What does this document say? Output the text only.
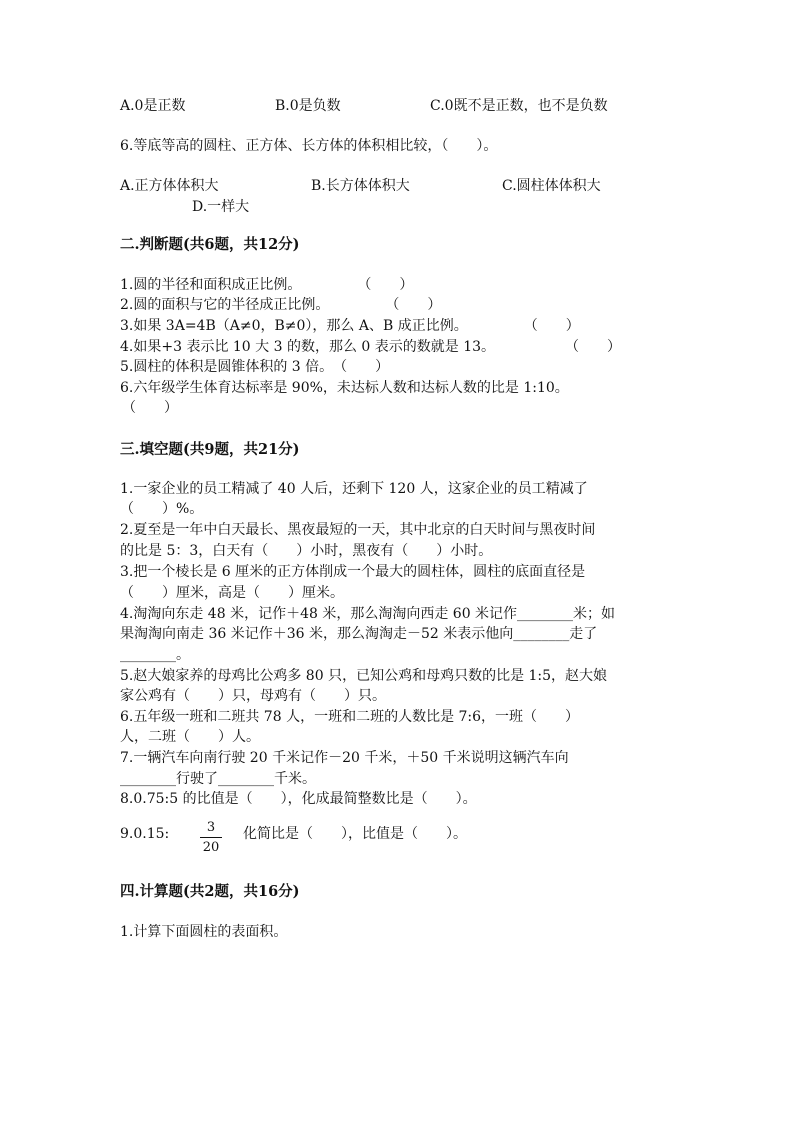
A.0是正数	B.0是负数	C.0既不是正数，也不是负数
6.等底等高的圆柱、正方体、长方体的体积相比较，（　　）。
A.正方体体积大	B.长方体体积大	C.圆柱体体积大
D.一样大
二.判断题(共6题，共12分)
1.圆的半径和面积成正比例。　　　　　（　　）
2.圆的面积与它的半径成正比例。　　　　　（　　）
3.如果 3A=4B（A≠0，B≠0），那么 A、B 成正比例。　　　　　（　　）
4.如果+3 表示比 10 大 3 的数，那么 0 表示的数就是 13。　　　　　　（　　）
5.圆柱的体积是圆锥体积的 3 倍。　（　　）
6.六年级学生体育达标率是 90%，未达标人数和达标人数的比是 1:10。
（　　）
三.填空题(共9题，共21分)
1.一家企业的员工精减了 40 人后，还剩下 120 人，这家企业的员工精减了
（　　）%。
2.夏至是一年中白天最长、黑夜最短的一天，其中北京的白天时间与黑夜时间
的比是 5：3，白天有（　　）小时，黑夜有（　　）小时。
3.把一个棱长是 6 厘米的正方体削成一个最大的圆柱体，圆柱的底面直径是
（　　）厘米，高是（　　）厘米。
4.淘淘向东走 48 米，记作＋48 米，那么淘淘向西走 60 米记作________米；如
果淘淘向南走 36 米记作＋36 米，那么淘淘走－52 米表示他向________走了
________。
5.赵大娘家养的母鸡比公鸡多 80 只，已知公鸡和母鸡只数的比是 1:5，赵大娘
家公鸡有（　　）只，母鸡有（　　）只。
6.五年级一班和二班共 78 人，一班和二班的人数比是 7:6，一班（　　）
人，二班（　　）人。
7.一辆汽车向南行驶 20 千米记作－20 千米，＋50 千米说明这辆汽车向
________行驶了________千米。
8.0.75:5 的比值是（　　），化成最简整数比是（　　）。
9.0.15:	3
20
化简比是（　　），比值是（　　）。
四.计算题(共2题，共16分)
1.计算下面圆柱的表面积。
